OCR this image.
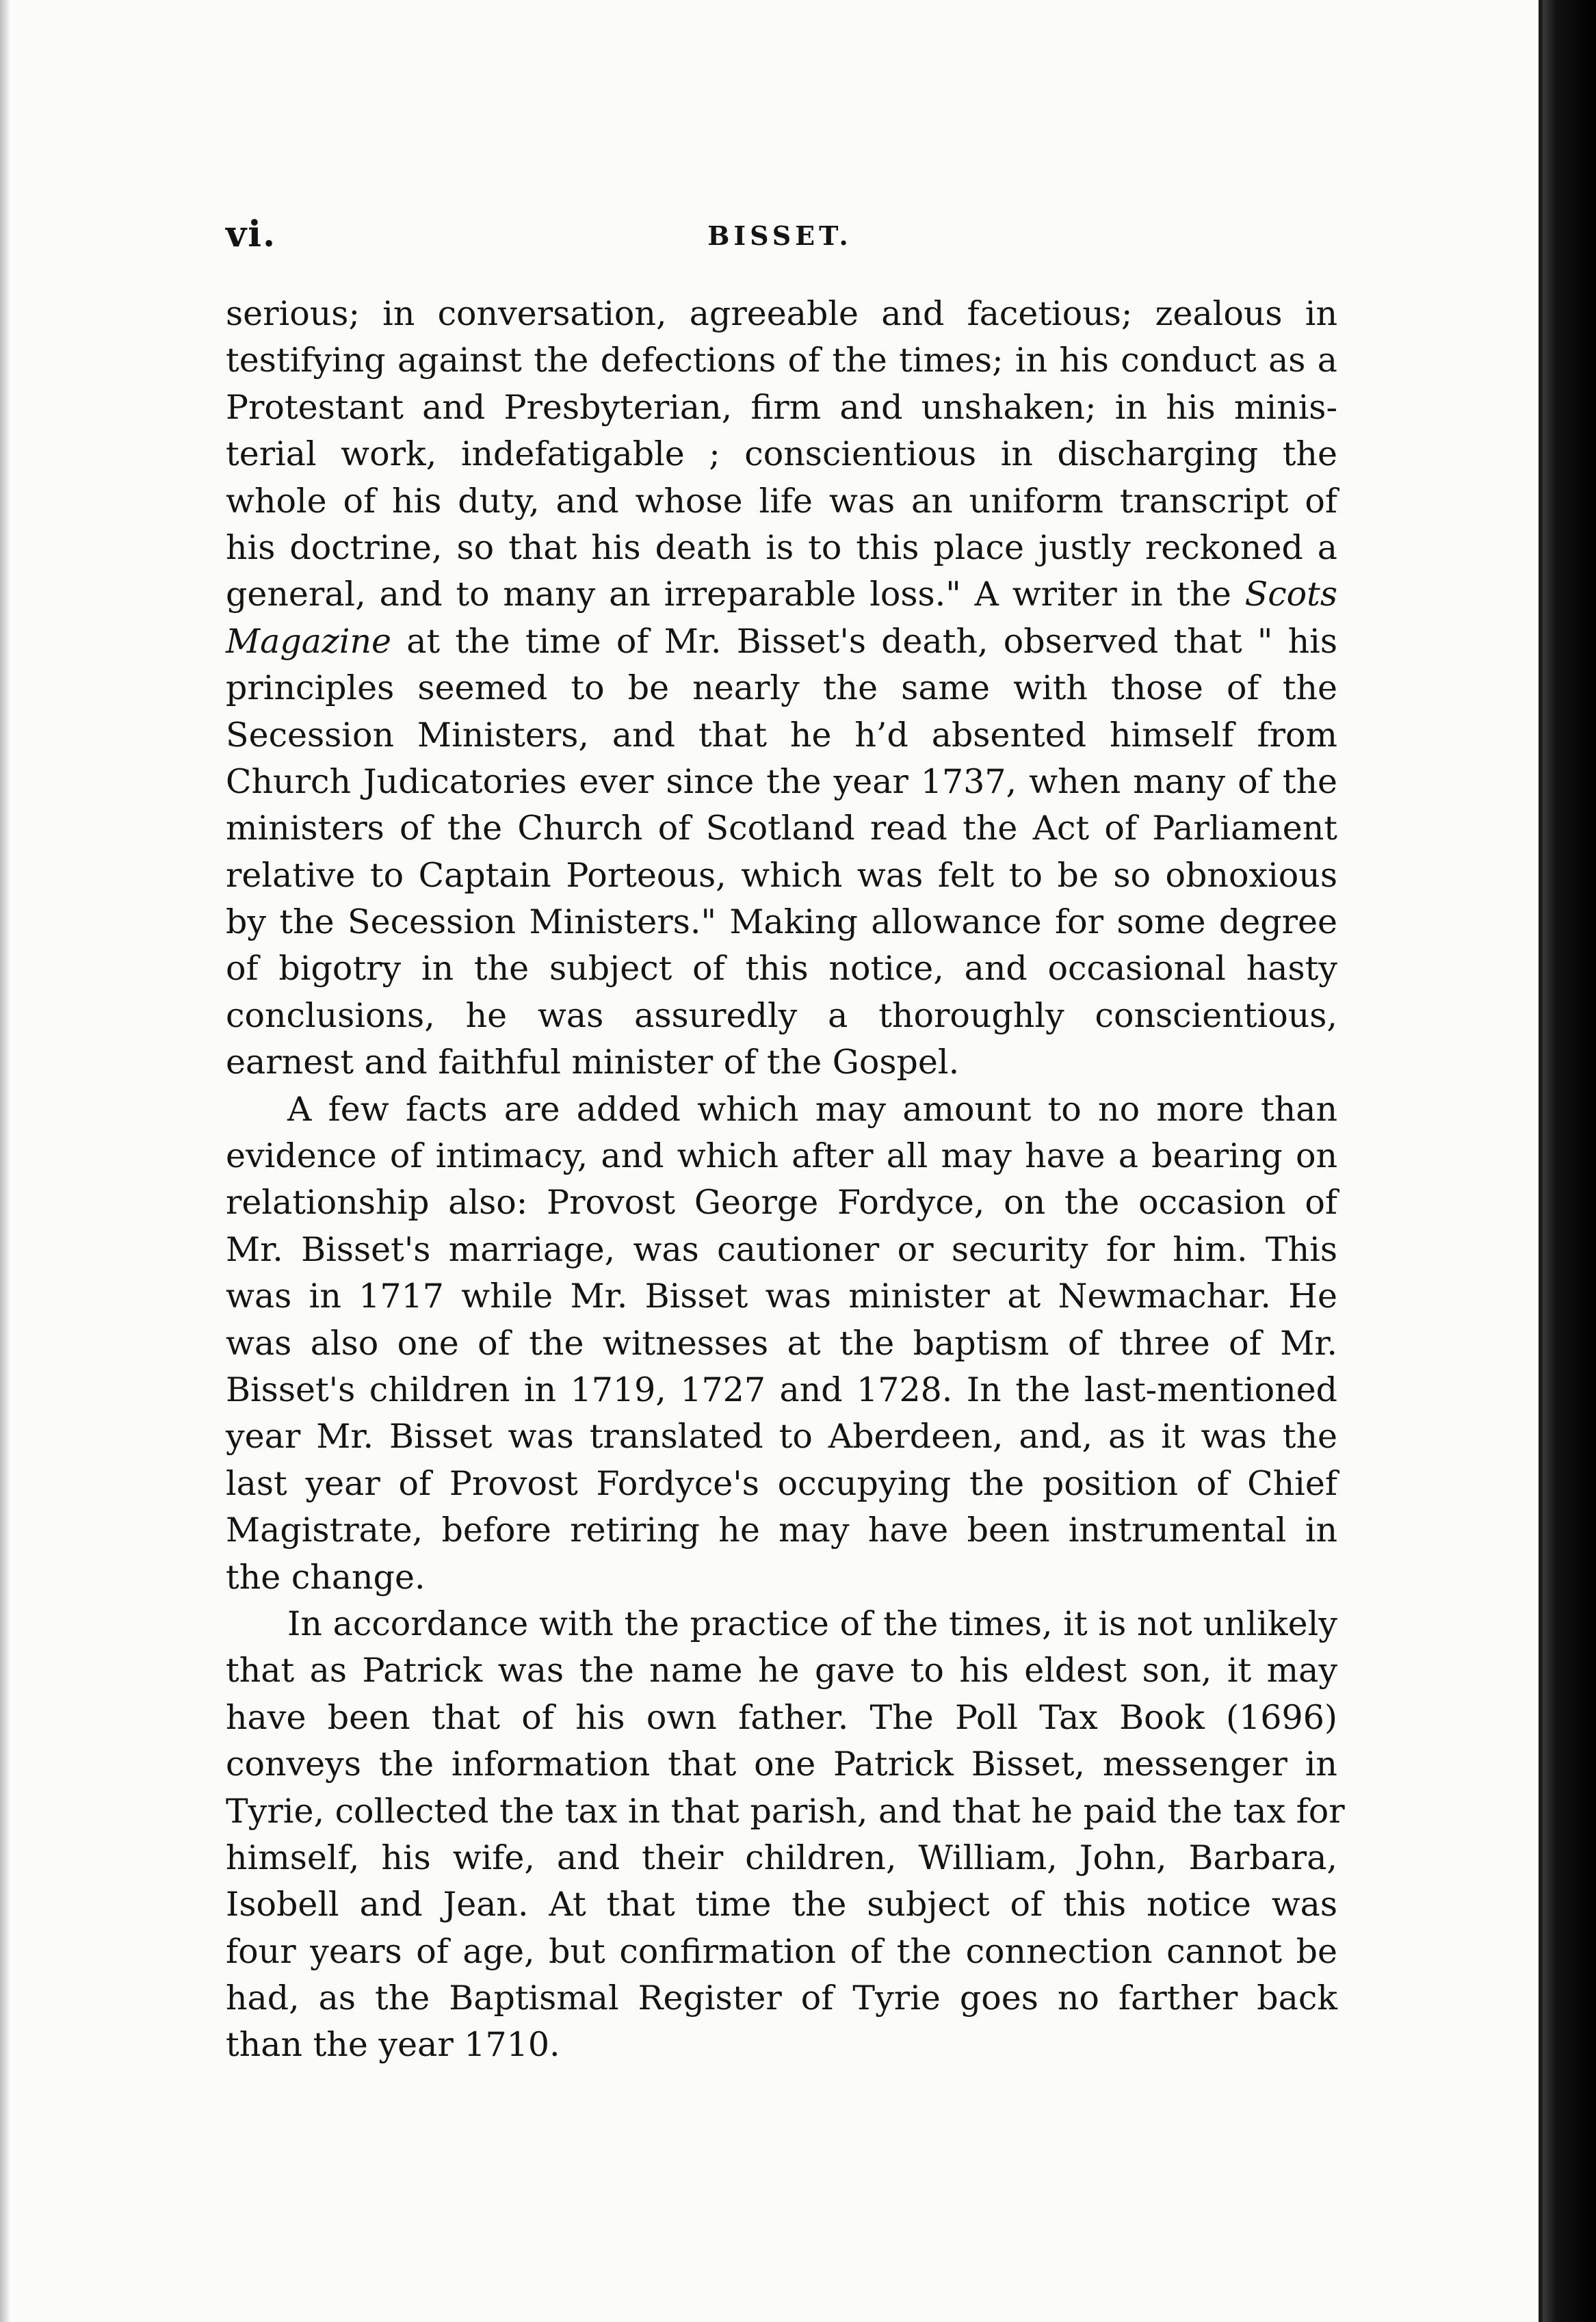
vi.	BISSET.
serious; in conversation, agreeable and facetious; zealous in
testifying against the defections of the times; in his conduct as a
Protestant and Presbyterian, firm and unshaken; in his minis-
terial work, indefatigable ; conscientious in discharging the
whole of his duty, and whose life was an uniform transcript of
his doctrine, so that his death is to this place justly reckoned a
general, and to many an irreparable loss." A writer in the Scots
Magazine at the time of Mr. Bisset's death, observed that " his
principles seemed to be nearly the same with those of the
Secession Ministers, and that he h’d absented himself from
Church Judicatories ever since the year 1737, when many of the
ministers of the Church of Scotland read the Act of Parliament
relative to Captain Porteous, which was felt to be so obnoxious
by the Secession Ministers." Making allowance for some degree
of bigotry in the subject of this notice, and occasional hasty
conclusions, he was assuredly a thoroughly conscientious,
earnest and faithful minister of the Gospel.
A few facts are added which may amount to no more than
evidence of intimacy, and which after all may have a bearing on
relationship also: Provost George Fordyce, on the occasion of
Mr. Bisset's marriage, was cautioner or security for him. This
was in 1717 while Mr. Bisset was minister at Newmachar. He
was also one of the witnesses at the baptism of three of Mr.
Bisset's children in 1719, 1727 and 1728. In the last-mentioned
year Mr. Bisset was translated to Aberdeen, and, as it was the
last year of Provost Fordyce's occupying the position of Chief
Magistrate, before retiring he may have been instrumental in
the change.
In accordance with the practice of the times, it is not unlikely
that as Patrick was the name he gave to his eldest son, it may
have been that of his own father. The Poll Tax Book (1696)
conveys the information that one Patrick Bisset, messenger in
Tyrie, collected the tax in that parish, and that he paid the tax for
himself, his wife, and their children, William, John, Barbara,
Isobell and Jean. At that time the subject of this notice was
four years of age, but confirmation of the connection cannot be
had, as the Baptismal Register of Tyrie goes no farther back
than the year 1710.
